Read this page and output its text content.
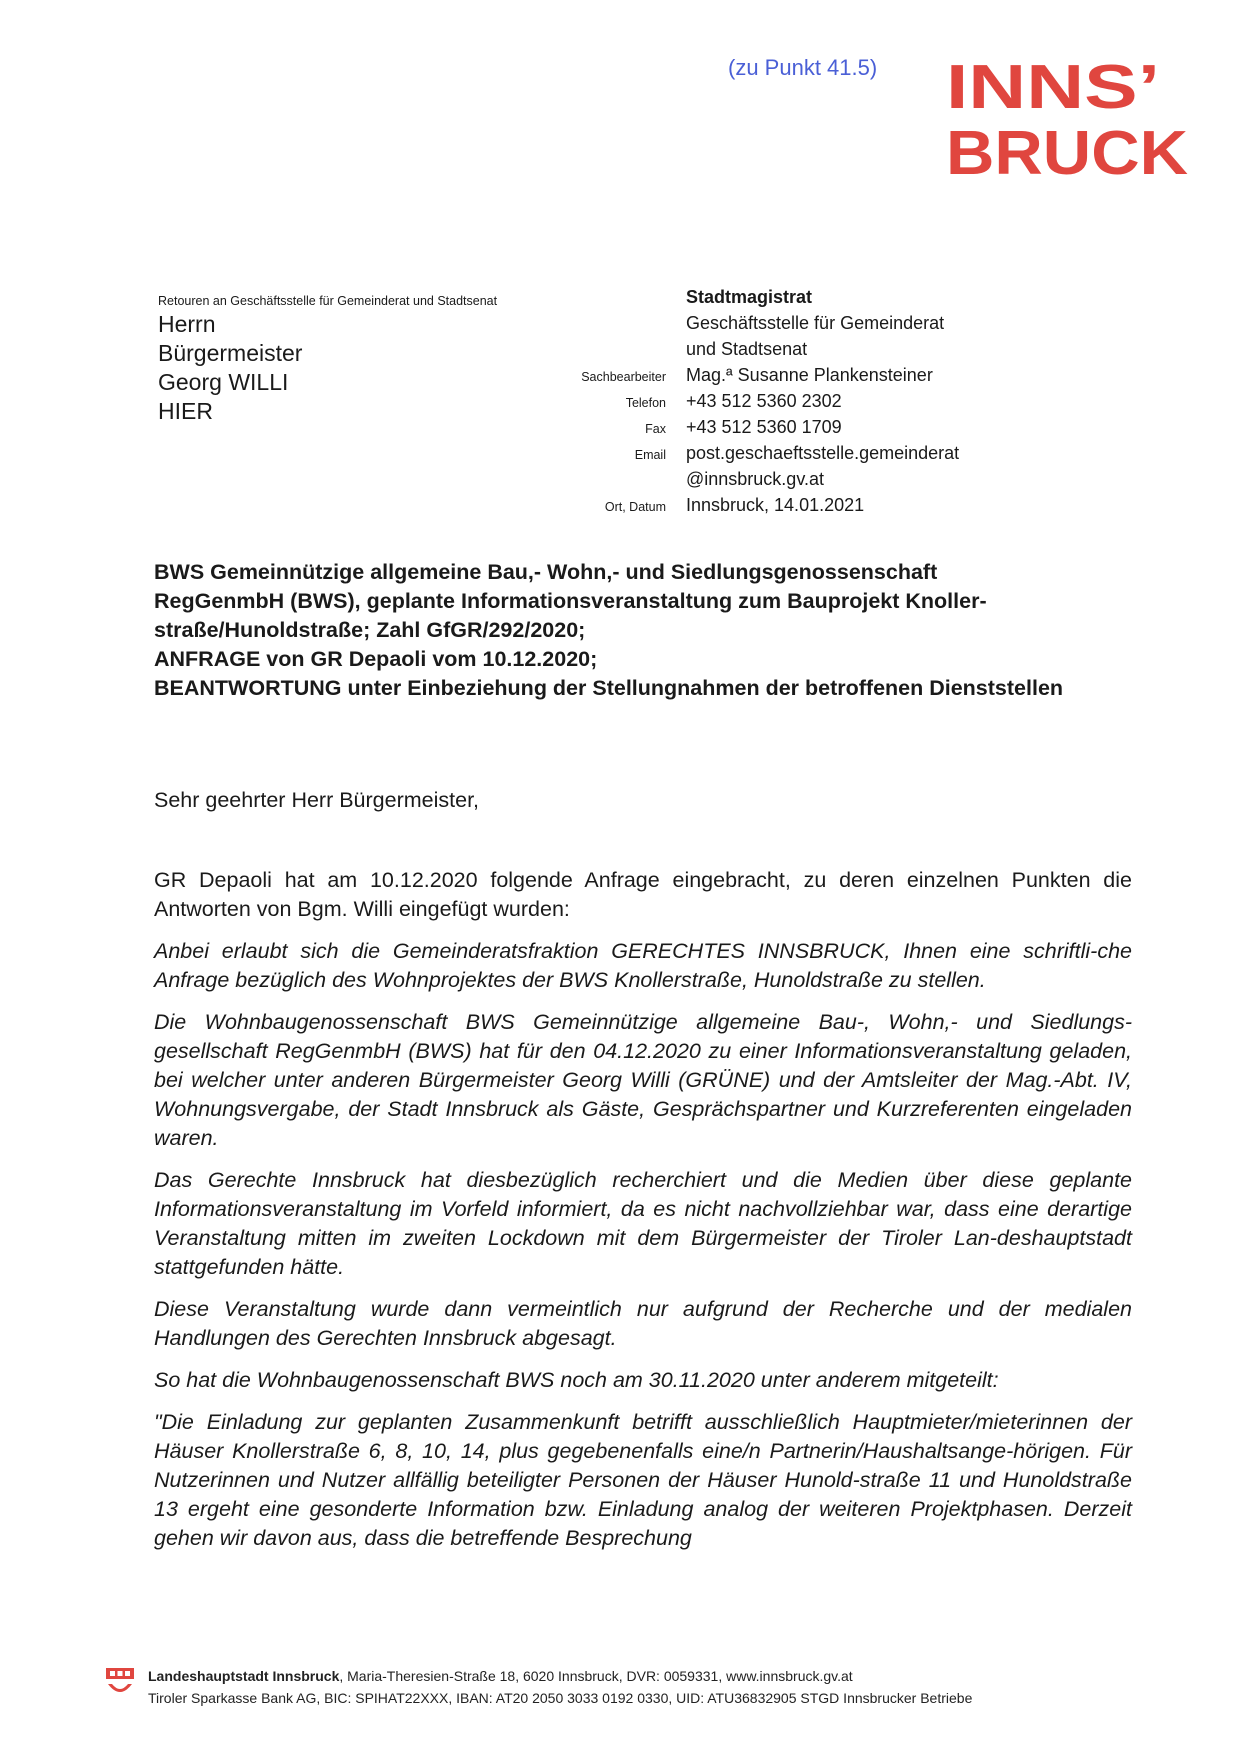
(zu Punkt 41.5) INNS’
BRUCK
Retouren an Geschäftsstelle für Gemeinderat und Stadtsenat
Herrn
Bürgermeister
Georg WILLI
HIER
Stadtmagistrat
Geschäftsstelle für Gemeinderat
und Stadtsenat
Sachbearbeiter Mag.ª Susanne Plankensteiner
Telefon +43 512 5360 2302
Fax +43 512 5360 1709
Email post.geschaeftsstelle.gemeinderat
@innsbruck.gv.at
Ort, Datum Innsbruck, 14.01.2021
BWS Gemeinnützige allgemeine Bau,- Wohn,- und Siedlungsgenossenschaft
RegGenmbH (BWS), geplante Informationsveranstaltung zum Bauprojekt Knoller-
straße/Hunoldstraße; Zahl GfGR/292/2020;
ANFRAGE von GR Depaoli vom 10.12.2020;
BEANTWORTUNG unter Einbeziehung der Stellungnahmen der betroffenen Dienststellen
Sehr geehrter Herr Bürgermeister,
GR Depaoli hat am 10.12.2020 folgende Anfrage eingebracht, zu deren einzelnen Punkten die Antworten von Bgm. Willi eingefügt wurden:
Anbei erlaubt sich die Gemeinderatsfraktion GERECHTES INNSBRUCK, Ihnen eine schriftli-che Anfrage bezüglich des Wohnprojektes der BWS Knollerstraße, Hunoldstraße zu stellen.
Die Wohnbaugenossenschaft BWS Gemeinnützige allgemeine Bau-, Wohn,- und Siedlungs-gesellschaft RegGenmbH (BWS) hat für den 04.12.2020 zu einer Informationsveranstaltung geladen, bei welcher unter anderen Bürgermeister Georg Willi (GRÜNE) und der Amtsleiter der Mag.-Abt. IV, Wohnungsvergabe, der Stadt Innsbruck als Gäste, Gesprächspartner und Kurzreferenten eingeladen waren.
Das Gerechte Innsbruck hat diesbezüglich recherchiert und die Medien über diese geplante Informationsveranstaltung im Vorfeld informiert, da es nicht nachvollziehbar war, dass eine derartige Veranstaltung mitten im zweiten Lockdown mit dem Bürgermeister der Tiroler Lan-deshauptstadt stattgefunden hätte.
Diese Veranstaltung wurde dann vermeintlich nur aufgrund der Recherche und der medialen Handlungen des Gerechten Innsbruck abgesagt.
So hat die Wohnbaugenossenschaft BWS noch am 30.11.2020 unter anderem mitgeteilt:
"Die Einladung zur geplanten Zusammenkunft betrifft ausschließlich Hauptmieter/mieterinnen der Häuser Knollerstraße 6, 8, 10, 14, plus gegebenenfalls eine/n Partnerin/Haushaltsange-hörigen. Für Nutzerinnen und Nutzer allfällig beteiligter Personen der Häuser Hunold-straße 11 und Hunoldstraße 13 ergeht eine gesonderte Information bzw. Einladung analog der weiteren Projektphasen. Derzeit gehen wir davon aus, dass die betreffende Besprechung
Landeshauptstadt Innsbruck, Maria-Theresien-Straße 18, 6020 Innsbruck, DVR: 0059331, www.innsbruck.gv.at
Tiroler Sparkasse Bank AG, BIC: SPIHAT22XXX, IBAN: AT20 2050 3033 0192 0330, UID: ATU36832905 STGD Innsbrucker Betriebe
